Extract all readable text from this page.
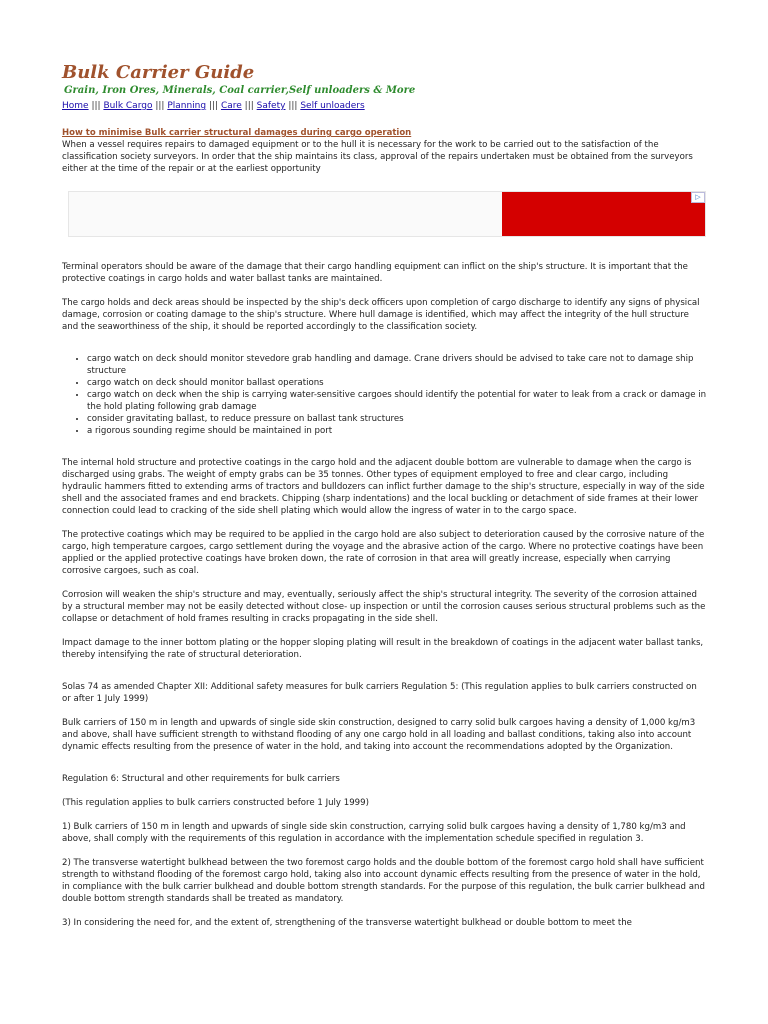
Bulk Carrier Guide
Grain, Iron Ores, Minerals, Coal carrier,Self unloaders & More
Home ||| Bulk Cargo ||| Planning ||| Care ||| Safety ||| Self unloaders
How to minimise Bulk carrier structural damages during cargo operation

When a vessel requires repairs to damaged equipment or to the hull it is necessary for the work to be carried out to the satisfaction of the classification society surveyors. In order that the ship maintains its class, approval of the repairs undertaken must be obtained from the surveyors either at the time of the repair or at the earliest opportunity

▷

Terminal operators should be aware of the damage that their cargo handling equipment can inflict on the ship's structure. It is important that the protective coatings in cargo holds and water ballast tanks are maintained.

The cargo holds and deck areas should be inspected by the ship's deck officers upon completion of cargo discharge to identify any signs of physical damage, corrosion or coating damage to the ship's structure. Where hull damage is identified, which may affect the integrity of the hull structure and the seaworthiness of the ship, it should be reported accordingly to the classification society.

• cargo watch on deck should monitor stevedore grab handling and damage. Crane drivers should be advised to take care not to damage ship structure
• cargo watch on deck should monitor ballast operations
• cargo watch on deck when the ship is carrying water-sensitive cargoes should identify the potential for water to leak from a crack or damage in the hold plating following grab damage
• consider gravitating ballast, to reduce pressure on ballast tank structures
• a rigorous sounding regime should be maintained in port

The internal hold structure and protective coatings in the cargo hold and the adjacent double bottom are vulnerable to damage when the cargo is discharged using grabs. The weight of empty grabs can be 35 tonnes. Other types of equipment employed to free and clear cargo, including hydraulic hammers fitted to extending arms of tractors and bulldozers can inflict further damage to the ship's structure, especially in way of the side shell and the associated frames and end brackets. Chipping (sharp indentations) and the local buckling or detachment of side frames at their lower connection could lead to cracking of the side shell plating which would allow the ingress of water in to the cargo space.

The protective coatings which may be required to be applied in the cargo hold are also subject to deterioration caused by the corrosive nature of the cargo, high temperature cargoes, cargo settlement during the voyage and the abrasive action of the cargo. Where no protective coatings have been applied or the applied protective coatings have broken down, the rate of corrosion in that area will greatly increase, especially when carrying corrosive cargoes, such as coal.

Corrosion will weaken the ship's structure and may, eventually, seriously affect the ship's structural integrity. The severity of the corrosion attained by a structural member may not be easily detected without close- up inspection or until the corrosion causes serious structural problems such as the collapse or detachment of hold frames resulting in cracks propagating in the side shell.

Impact damage to the inner bottom plating or the hopper sloping plating will result in the breakdown of coatings in the adjacent water ballast tanks, thereby intensifying the rate of structural deterioration.

Solas 74 as amended Chapter XII: Additional safety measures for bulk carriers Regulation 5: (This regulation applies to bulk carriers constructed on or after 1 July 1999)

Bulk carriers of 150 m in length and upwards of single side skin construction, designed to carry solid bulk cargoes having a density of 1,000 kg/m3 and above, shall have sufficient strength to withstand flooding of any one cargo hold in all loading and ballast conditions, taking also into account dynamic effects resulting from the presence of water in the hold, and taking into account the recommendations adopted by the Organization.

Regulation 6: Structural and other requirements for bulk carriers

(This regulation applies to bulk carriers constructed before 1 July 1999)

1) Bulk carriers of 150 m in length and upwards of single side skin construction, carrying solid bulk cargoes having a density of 1,780 kg/m3 and above, shall comply with the requirements of this regulation in accordance with the implementation schedule specified in regulation 3.

2) The transverse watertight bulkhead between the two foremost cargo holds and the double bottom of the foremost cargo hold shall have sufficient strength to withstand flooding of the foremost cargo hold, taking also into account dynamic effects resulting from the presence of water in the hold, in compliance with the bulk carrier bulkhead and double bottom strength standards. For the purpose of this regulation, the bulk carrier bulkhead and double bottom strength standards shall be treated as mandatory.

3) In considering the need for, and the extent of, strengthening of the transverse watertight bulkhead or double bottom to meet the
